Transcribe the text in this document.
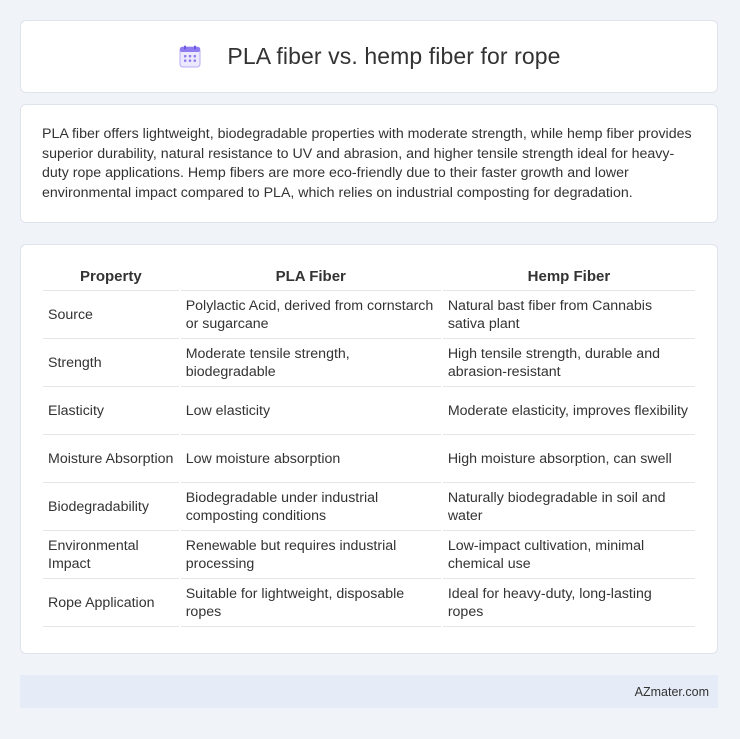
PLA fiber vs. hemp fiber for rope

PLA fiber offers lightweight, biodegradable properties with moderate strength, while hemp fiber provides superior durability, natural resistance to UV and abrasion, and higher tensile strength ideal for heavy-duty rope applications. Hemp fibers are more eco-friendly due to their faster growth and lower environmental impact compared to PLA, which relies on industrial composting for degradation.

Property	PLA Fiber	Hemp Fiber
Source	Polylactic Acid, derived from cornstarch or sugarcane	Natural bast fiber from Cannabis sativa plant
Strength	Moderate tensile strength, biodegradable	High tensile strength, durable and abrasion-resistant
Elasticity	Low elasticity	Moderate elasticity, improves flexibility
Moisture Absorption	Low moisture absorption	High moisture absorption, can swell
Biodegradability	Biodegradable under industrial composting conditions	Naturally biodegradable in soil and water
Environmental Impact	Renewable but requires industrial processing	Low-impact cultivation, minimal chemical use
Rope Application	Suitable for lightweight, disposable ropes	Ideal for heavy-duty, long-lasting ropes
AZmater.com
